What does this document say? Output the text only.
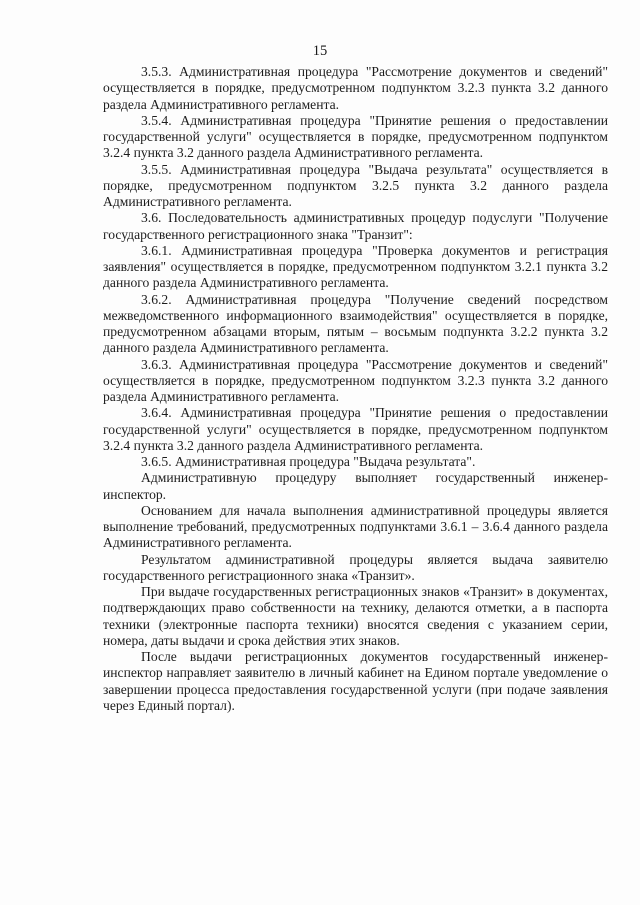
15

3.5.3. Административная процедура "Рассмотрение документов и сведений" осуществляется в порядке, предусмотренном подпунктом 3.2.3 пункта 3.2 данного раздела Административного регламента.

3.5.4. Административная процедура "Принятие решения о предоставлении государственной услуги" осуществляется в порядке, предусмотренном подпунктом 3.2.4 пункта 3.2 данного раздела Административного регламента.

3.5.5. Административная процедура "Выдача результата" осуществляется в порядке, предусмотренном подпунктом 3.2.5 пункта 3.2 данного раздела Административного регламента.

3.6. Последовательность административных процедур подуслуги "Получение государственного регистрационного знака "Транзит":

3.6.1. Административная процедура "Проверка документов и регистрация заявления" осуществляется в порядке, предусмотренном подпунктом 3.2.1 пункта 3.2 данного раздела Административного регламента.

3.6.2. Административная процедура "Получение сведений посредством межведомственного информационного взаимодействия" осуществляется в порядке, предусмотренном абзацами вторым, пятым – восьмым подпункта 3.2.2 пункта 3.2 данного раздела Административного регламента.

3.6.3. Административная процедура "Рассмотрение документов и сведений" осуществляется в порядке, предусмотренном подпунктом 3.2.3 пункта 3.2 данного раздела Административного регламента.

3.6.4. Административная процедура "Принятие решения о предоставлении государственной услуги" осуществляется в порядке, предусмотренном подпунктом 3.2.4 пункта 3.2 данного раздела Административного регламента.

3.6.5. Административная процедура "Выдача результата".

Административную процедуру выполняет государственный инженер-инспектор.

Основанием для начала выполнения административной процедуры является выполнение требований, предусмотренных подпунктами 3.6.1 – 3.6.4 данного раздела Административного регламента.

Результатом административной процедуры является выдача заявителю государственного регистрационного знака «Транзит».

При выдаче государственных регистрационных знаков «Транзит» в документах, подтверждающих право собственности на технику, делаются отметки, а в паспорта техники (электронные паспорта техники) вносятся сведения с указанием серии, номера, даты выдачи и срока действия этих знаков.

После выдачи регистрационных документов государственный инженер-инспектор направляет заявителю в личный кабинет на Едином портале уведомление о завершении процесса предоставления государственной услуги (при подаче заявления через Единый портал).
